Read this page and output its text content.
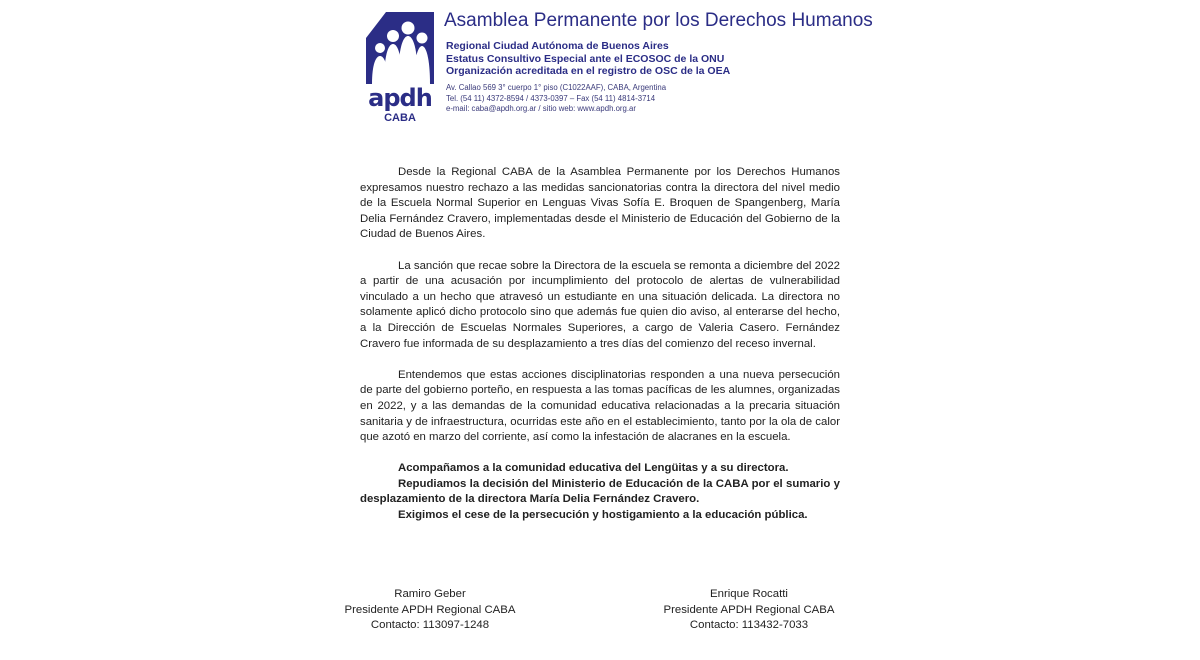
apdh
CABA
Asamblea Permanente por los Derechos Humanos
Regional Ciudad Autónoma de Buenos Aires
Estatus Consultivo Especial ante el ECOSOC de la ONU
Organización acreditada en el registro de OSC de la OEA
Av. Callao 569 3° cuerpo 1° piso (C1022AAF), CABA, Argentina
Tel. (54 11) 4372-8594 / 4373-0397 – Fax (54 11) 4814-3714
e-mail: caba@apdh.org.ar / sitio web: www.apdh.org.ar

Desde la Regional CABA de la Asamblea Permanente por los Derechos Humanos expresamos nuestro rechazo a las medidas sancionatorias contra la directora del nivel medio de la Escuela Normal Superior en Lenguas Vivas Sofía E. Broquen de Spangenberg, María Delia Fernández Cravero, implementadas desde el Ministerio de Educación del Gobierno de la Ciudad de Buenos Aires.

La sanción que recae sobre la Directora de la escuela se remonta a diciembre del 2022 a partir de una acusación por incumplimiento del protocolo de alertas de vulnerabilidad vinculado a un hecho que atravesó un estudiante en una situación delicada. La directora no solamente aplicó dicho protocolo sino que además fue quien dio aviso, al enterarse del hecho, a la Dirección de Escuelas Normales Superiores, a cargo de Valeria Casero. Fernández Cravero fue informada de su desplazamiento a tres días del comienzo del receso invernal.

Entendemos que estas acciones disciplinatorias responden a una nueva persecución de parte del gobierno porteño, en respuesta a las tomas pacíficas de les alumnes, organizadas en 2022, y a las demandas de la comunidad educativa relacionadas a la precaria situación sanitaria y de infraestructura, ocurridas este año en el establecimiento, tanto por la ola de calor que azotó en marzo del corriente, así como la infestación de alacranes en la escuela.

Acompañamos a la comunidad educativa del Lengüitas y a su directora.
Repudiamos la decisión del Ministerio de Educación de la CABA por el sumario y desplazamiento de la directora María Delia Fernández Cravero.
Exigimos el cese de la persecución y hostigamiento a la educación pública.
Ramiro Geber
Presidente APDH Regional CABA
Contacto: 113097-1248
Enrique Rocatti
Presidente APDH Regional CABA
Contacto: 113432-7033
